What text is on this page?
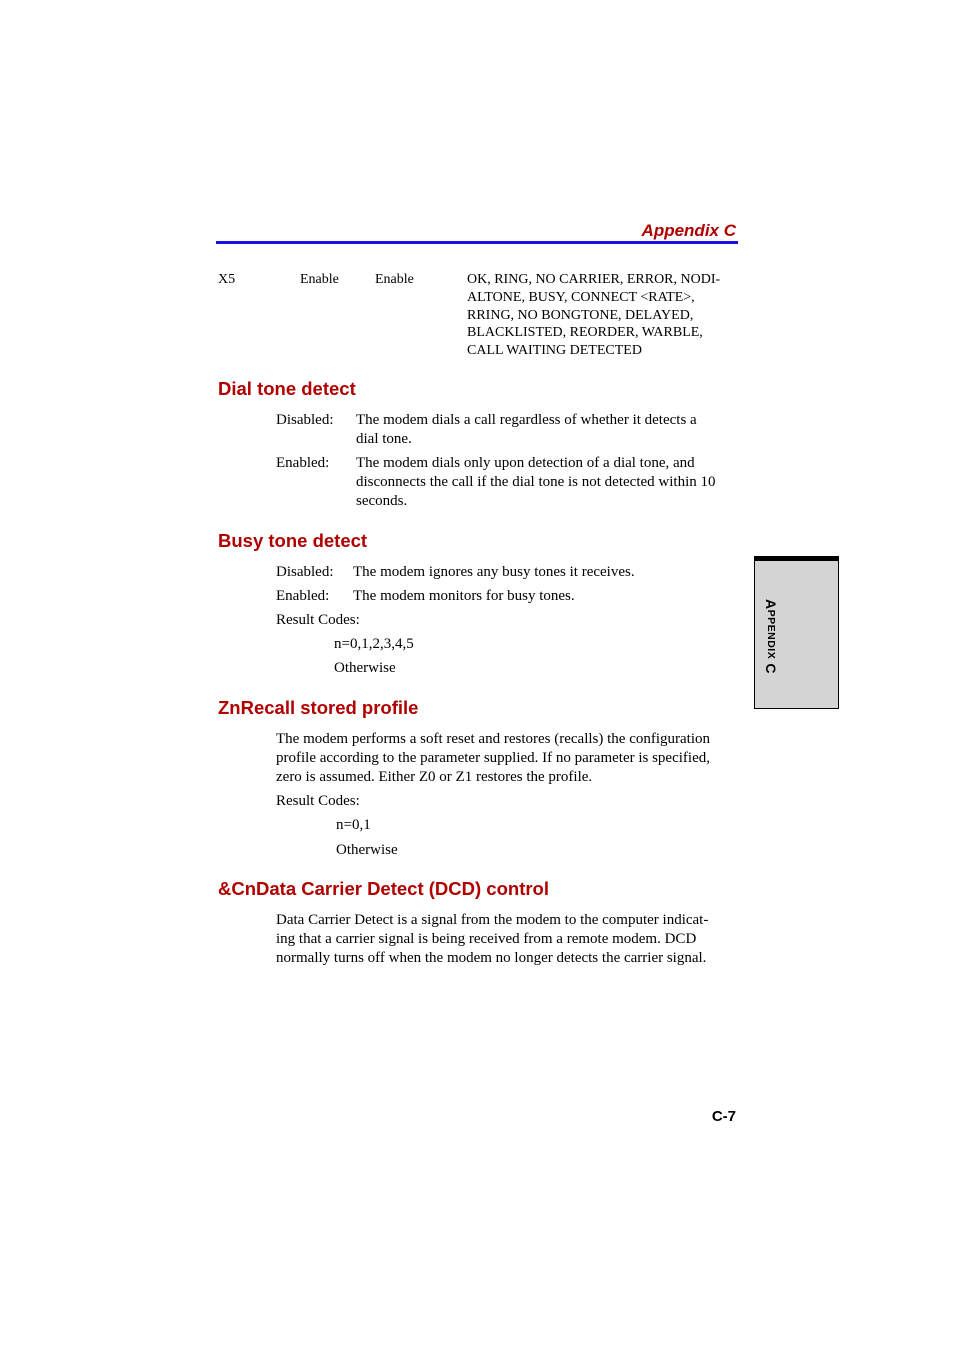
Appendix C
X5	Enable	Enable	OK, RING, NO CARRIER, ERROR, NODI-
ALTONE, BUSY, CONNECT <RATE>,
RRING, NO BONGTONE, DELAYED,
BLACKLISTED, REORDER, WARBLE,
CALL WAITING DETECTED
Dial tone detect
Disabled: The modem dials a call regardless of whether it detects a
dial tone.
Enabled: The modem dials only upon detection of a dial tone, and
disconnects the call if the dial tone is not detected within 10
seconds.
Busy tone detect
Disabled: The modem ignores any busy tones it receives.
Enabled: The modem monitors for busy tones.
Result Codes:
n=0,1,2,3,4,5
Otherwise
ZnRecall stored profile
The modem performs a soft reset and restores (recalls) the configuration
profile according to the parameter supplied. If no parameter is specified,
zero is assumed. Either Z0 or Z1 restores the profile.
Result Codes:
n=0,1
Otherwise
&CnData Carrier Detect (DCD) control
Data Carrier Detect is a signal from the modem to the computer indicat-
ing that a carrier signal is being received from a remote modem. DCD
normally turns off when the modem no longer detects the carrier signal.
APPENDIX C
C-7
